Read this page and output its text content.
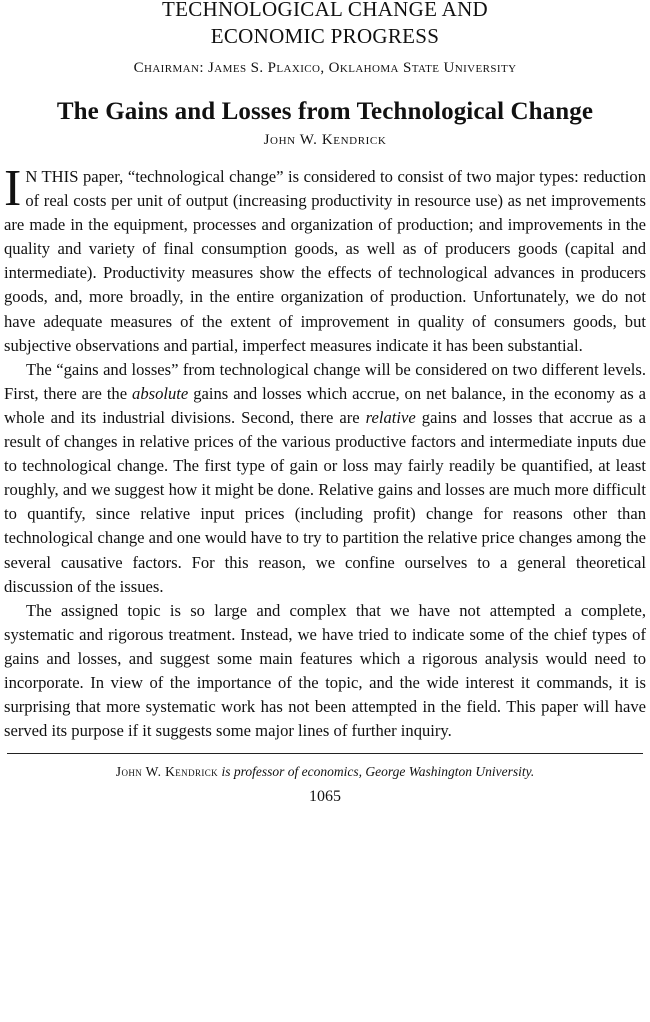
TECHNOLOGICAL CHANGE AND
ECONOMIC PROGRESS
Chairman: James S. Plaxico, Oklahoma State University
The Gains and Losses from Technological Change
John W. Kendrick

I N THIS paper, “technological change” is considered to consist of two major types: reduction of real costs per unit of output (increasing productivity in resource use) as net improvements are made in the equipment, processes and organization of production; and improvements in the quality and variety of final consumption goods, as well as of producers goods (capital and intermediate). Productivity measures show the effects of technological advances in producers goods, and, more broadly, in the entire organization of production. Unfortunately, we do not have adequate measures of the extent of improvement in quality of consumers goods, but subjective observations and partial, imperfect measures indicate it has been substantial.

The “gains and losses” from technological change will be considered on two different levels. First, there are the absolute gains and losses which accrue, on net balance, in the economy as a whole and its industrial divisions. Second, there are relative gains and losses that accrue as a result of changes in relative prices of the various productive factors and intermediate inputs due to technological change. The first type of gain or loss may fairly readily be quantified, at least roughly, and we suggest how it might be done. Relative gains and losses are much more difficult to quantify, since relative input prices (including profit) change for reasons other than technological change and one would have to try to partition the relative price changes among the several causative factors. For this reason, we confine ourselves to a general theoretical discussion of the issues.

The assigned topic is so large and complex that we have not attempted a complete, systematic and rigorous treatment. Instead, we have tried to indicate some of the chief types of gains and losses, and suggest some main features which a rigorous analysis would need to incorporate. In view of the importance of the topic, and the wide interest it commands, it is surprising that more systematic work has not been attempted in the field. This paper will have served its purpose if it suggests some major lines of further inquiry.

John W. Kendrick is professor of economics, George Washington University.
1065
